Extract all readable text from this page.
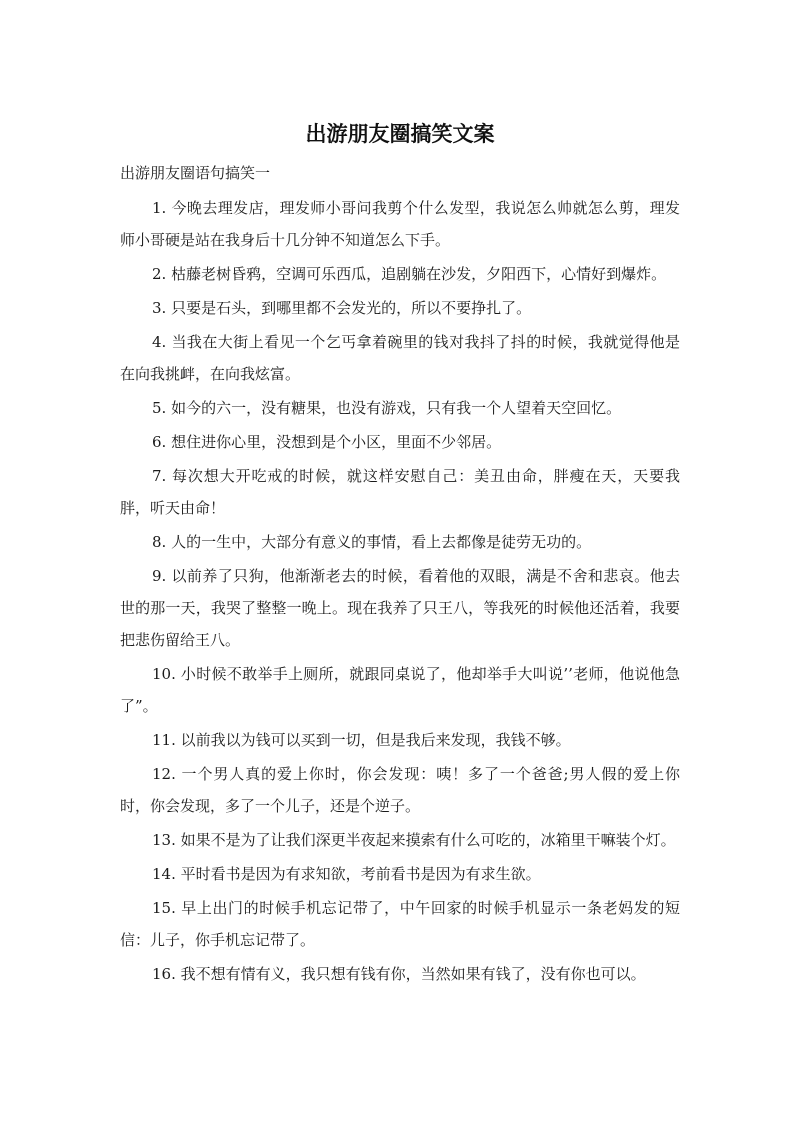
出游朋友圈搞笑文案
出游朋友圈语句搞笑一
1. 今晚去理发店，理发师小哥问我剪个什么发型，我说怎么帅就怎么剪，理发师小哥硬是站在我身后十几分钟不知道怎么下手。
2. 枯藤老树昏鸦，空调可乐西瓜，追剧躺在沙发，夕阳西下，心情好到爆炸。
3. 只要是石头，到哪里都不会发光的，所以不要挣扎了。
4. 当我在大街上看见一个乞丐拿着碗里的钱对我抖了抖的时候，我就觉得他是在向我挑衅，在向我炫富。
5. 如今的六一，没有糖果，也没有游戏，只有我一个人望着天空回忆。
6. 想住进你心里，没想到是个小区，里面不少邻居。
7. 每次想大开吃戒的时候，就这样安慰自己：美丑由命，胖瘦在天，天要我胖，听天由命！
8. 人的一生中，大部分有意义的事情，看上去都像是徒劳无功的。
9. 以前养了只狗，他渐渐老去的时候，看着他的双眼，满是不舍和悲哀。他去世的那一天，我哭了整整一晚上。现在我养了只王八，等我死的时候他还活着，我要把悲伤留给王八。
10. 小时候不敢举手上厕所，就跟同桌说了，他却举手大叫说’’老师，他说他急了”。
11. 以前我以为钱可以买到一切，但是我后来发现，我钱不够。
12. 一个男人真的爱上你时，你会发现：咦！多了一个爸爸;男人假的爱上你时，你会发现，多了一个儿子，还是个逆子。
13. 如果不是为了让我们深更半夜起来摸索有什么可吃的，冰箱里干嘛装个灯。
14. 平时看书是因为有求知欲，考前看书是因为有求生欲。
15. 早上出门的时候手机忘记带了，中午回家的时候手机显示一条老妈发的短信：儿子，你手机忘记带了。
16. 我不想有情有义，我只想有钱有你，当然如果有钱了，没有你也可以。
